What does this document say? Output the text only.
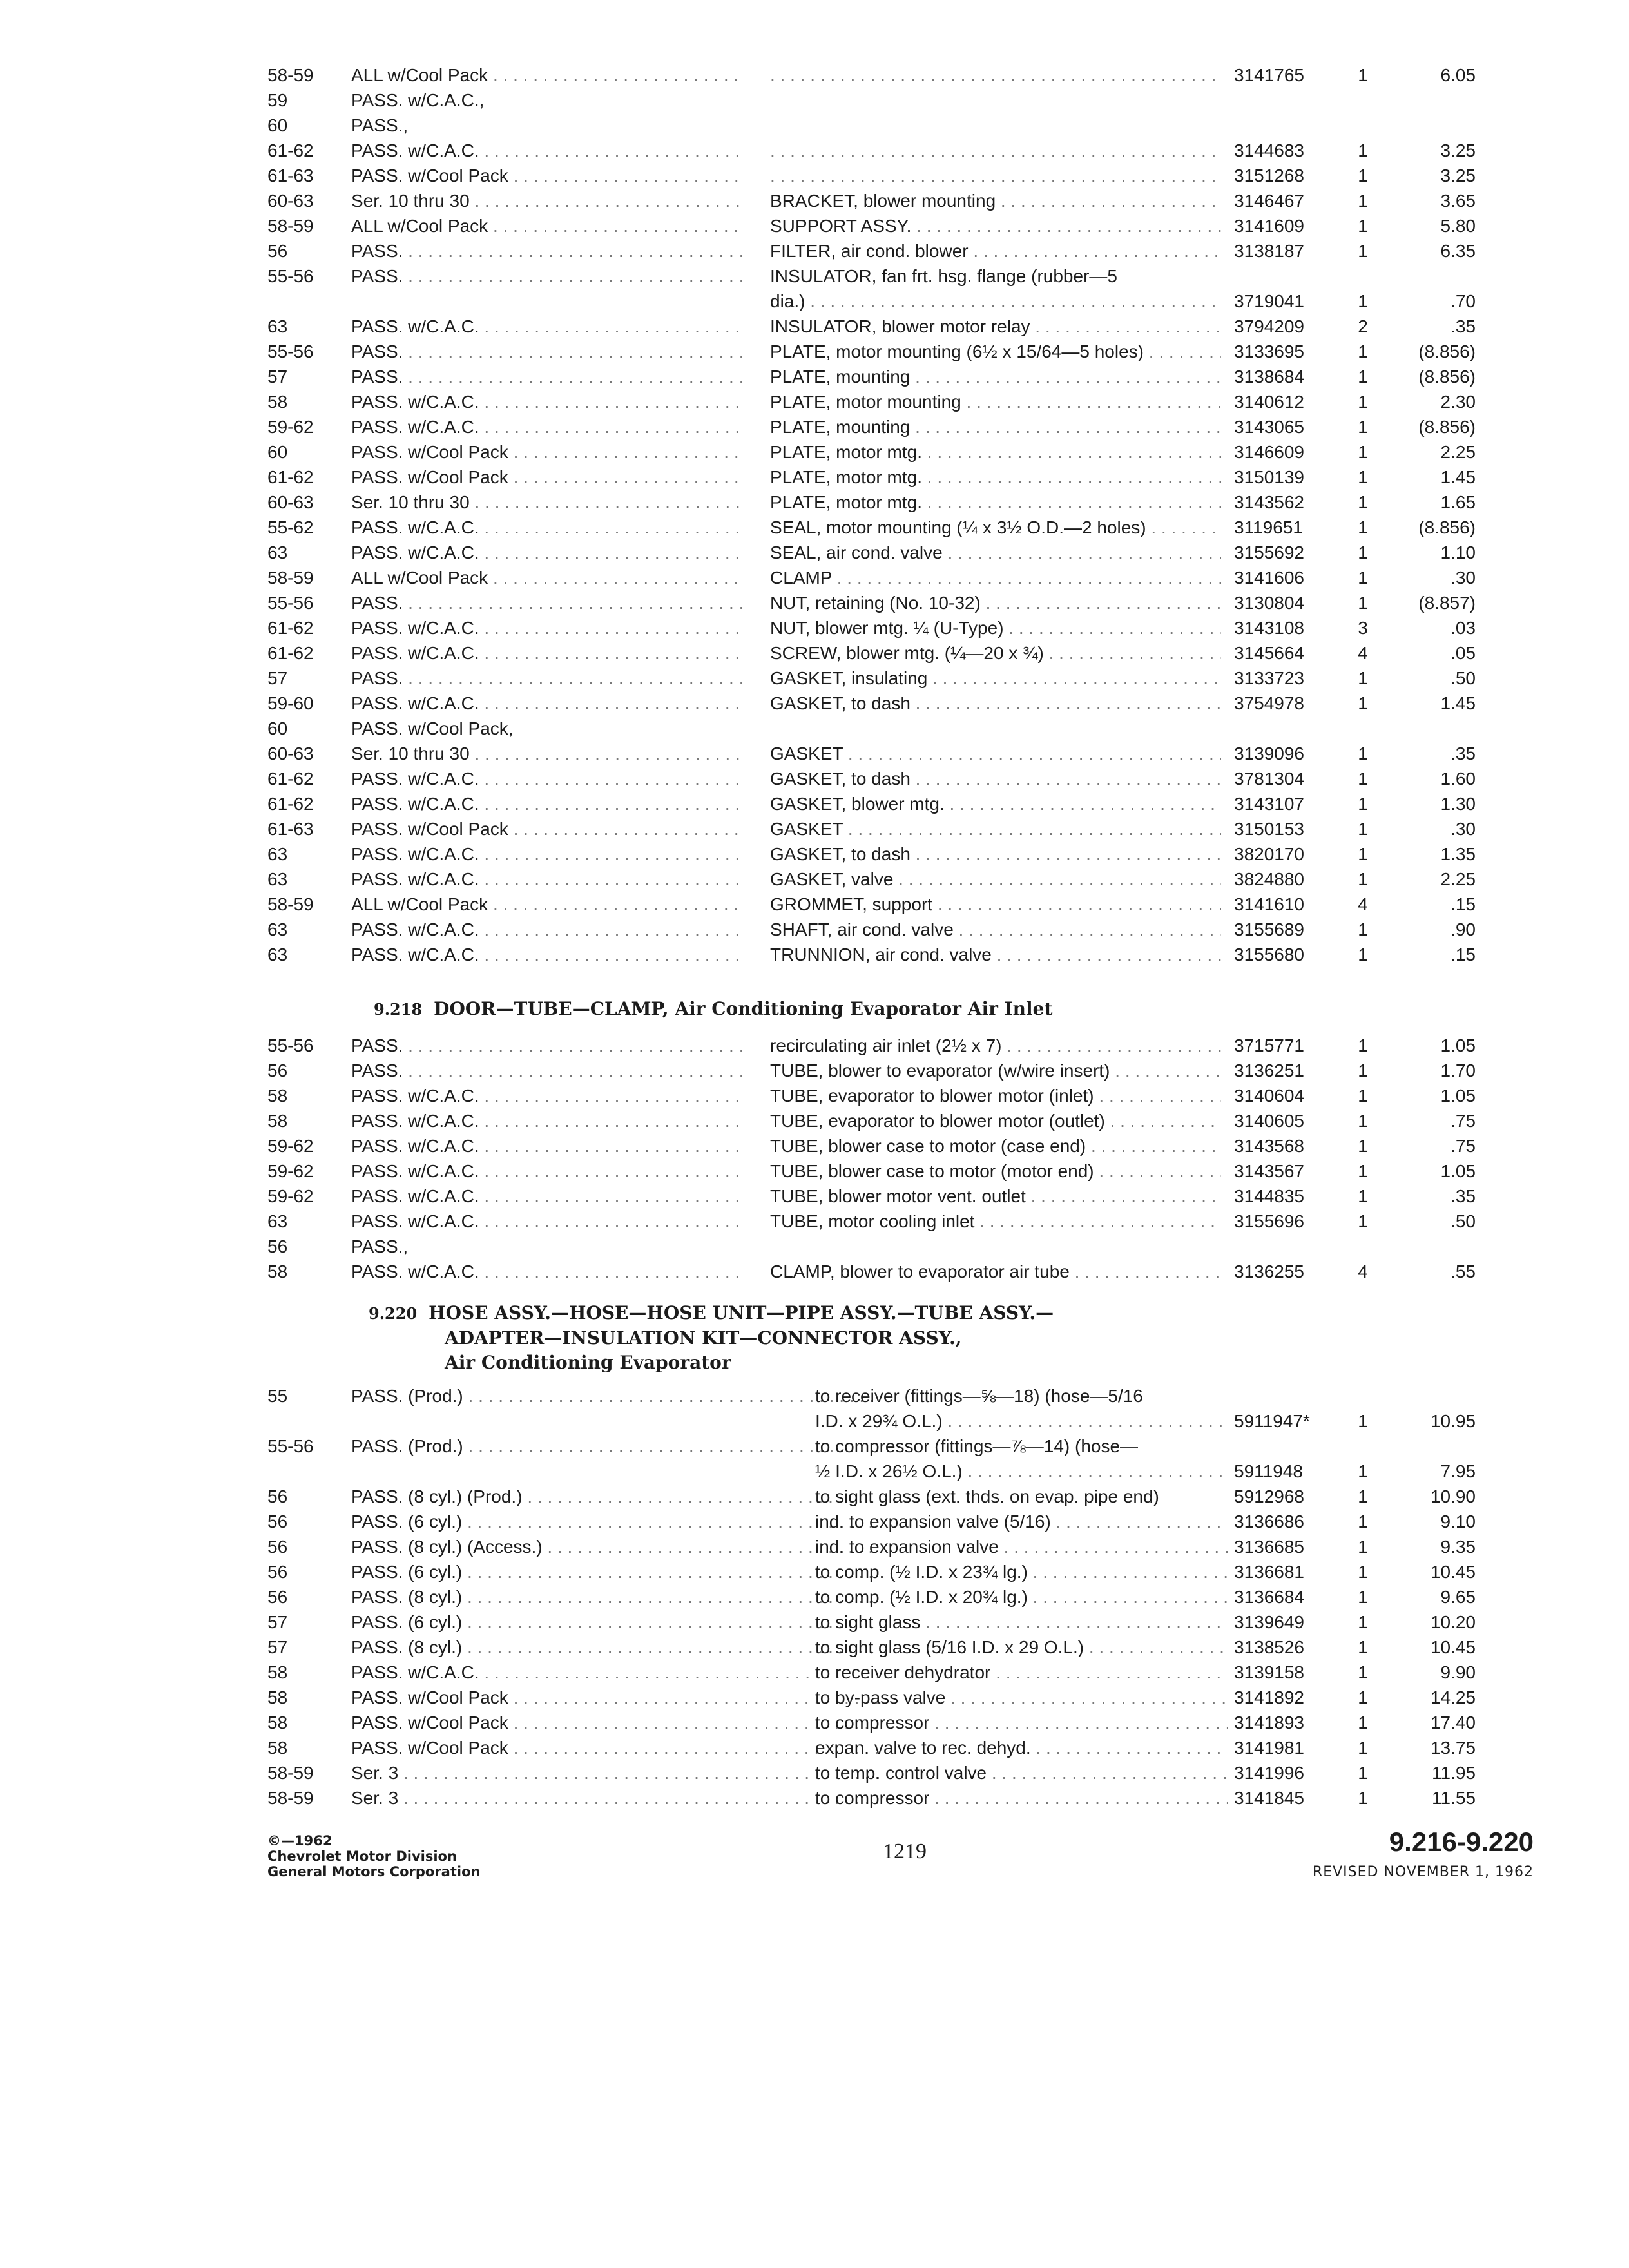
58-59 ALL w/Cool Pack . . . . . .	3141765	1	6.05
59	PASS. w/C.A.C.,
60	PASS.,
61-62 PASS. w/C.A.C. . . . . . .	3144683	1	3.25
61-63 PASS. w/Cool Pack . . . . . .	3151268	1	3.25
60-63 Ser. 10 thru 30 . . .	BRACKET, blower mounting . . .	3146467	1	3.65
58-59 ALL w/Cool Pack . . .	SUPPORT ASSY. . . .	3141609	1	5.80
56	PASS. . . .	FILTER, air cond. blower . . .	3138187	1	6.35
55-56 PASS. . . .	INSULATOR, fan frt. hsg. flange (rubber—5
dia.) . . .	3719041	1	.70
63	PASS. w/C.A.C. . . .	INSULATOR, blower motor relay . . .	3794209	2	.35
55-56 PASS. . . .	PLATE, motor mounting (6½ x 15/64—5 holes) . . .	3133695	1	(8.856)
57	PASS. . . .	PLATE, mounting . . .	3138684	1	(8.856)
58	PASS. w/C.A.C. . . .	PLATE, motor mounting . . .	3140612	1	2.30
59-62 PASS. w/C.A.C. . . .	PLATE, mounting . . .	3143065	1	(8.856)
60	PASS. w/Cool Pack . . .	PLATE, motor mtg. . . .	3146609	1	2.25
61-62 PASS. w/Cool Pack . . .	PLATE, motor mtg. . . .	3150139	1	1.45
60-63 Ser. 10 thru 30 . . .	PLATE, motor mtg. . . .	3143562	1	1.65
55-62 PASS. w/C.A.C. . . .	SEAL, motor mounting (¼ x 3½ O.D.—2 holes) . . .	3119651	1	(8.856)
63	PASS. w/C.A.C. . . .	SEAL, air cond. valve . . .	3155692	1	1.10
58-59 ALL w/Cool Pack . . .	CLAMP . . .	3141606	1	.30
55-56 PASS. . . .	NUT, retaining (No. 10-32) . . .	3130804	1	(8.857)
61-62 PASS. w/C.A.C. . . .	NUT, blower mtg. ¼ (U-Type) . . .	3143108	3	.03
61-62 PASS. w/C.A.C. . . .	SCREW, blower mtg. (¼—20 x ¾) . . .	3145664	4	.05
57	PASS. . . .	GASKET, insulating . . .	3133723	1	.50
59-60 PASS. w/C.A.C. . . .	GASKET, to dash . . .	3754978	1	1.45
60	PASS. w/Cool Pack,
60-63 Ser. 10 thru 30 . . .	GASKET . . .	3139096	1	.35
61-62 PASS. w/C.A.C. . . .	GASKET, to dash . . .	3781304	1	1.60
61-62 PASS. w/C.A.C. . . .	GASKET, blower mtg. . . .	3143107	1	1.30
61-63 PASS. w/Cool Pack . . .	GASKET . . .	3150153	1	.30
63	PASS. w/C.A.C. . . .	GASKET, to dash . . .	3820170	1	1.35
63	PASS. w/C.A.C. . . .	GASKET, valve . . .	3824880	1	2.25
58-59 ALL w/Cool Pack . . .	GROMMET, support . . .	3141610	4	.15
63	PASS. w/C.A.C. . . .	SHAFT, air cond. valve . . .	3155689	1	.90
63	PASS. w/C.A.C. . . .	TRUNNION, air cond. valve . . .	3155680	1	.15
9.218 DOOR—TUBE—CLAMP, Air Conditioning Evaporator Air Inlet
55-56 PASS. . . .	recirculating air inlet (2½ x 7) . . .	3715771	1	1.05
56	PASS. . . .	TUBE, blower to evaporator (w/wire insert) . . .	3136251	1	1.70
58	PASS. w/C.A.C. . . .	TUBE, evaporator to blower motor (inlet) . . .	3140604	1	1.05
58	PASS. w/C.A.C. . . .	TUBE, evaporator to blower motor (outlet) . . .	3140605	1	.75
59-62 PASS. w/C.A.C. . . .	TUBE, blower case to motor (case end) . . .	3143568	1	.75
59-62 PASS. w/C.A.C. . . .	TUBE, blower case to motor (motor end) . . .	3143567	1	1.05
59-62 PASS. w/C.A.C. . . .	TUBE, blower motor vent. outlet . . .	3144835	1	.35
63	PASS. w/C.A.C. . . .	TUBE, motor cooling inlet . . .	3155696	1	.50
56	PASS.,
58	PASS. w/C.A.C. . . .	CLAMP, blower to evaporator air tube . . .	3136255	4	.55
9.220 HOSE ASSY.—HOSE—HOSE UNIT—PIPE ASSY.—TUBE ASSY.—
ADAPTER—INSULATION KIT—CONNECTOR ASSY.,
Air Conditioning Evaporator
55	PASS. (Prod.) . . .	to receiver (fittings—⅝—18) (hose—5/16
I.D. x 29¾ O.L.) . . .	5911947*	1	10.95
55-56 PASS. (Prod.) . . .	to compressor (fittings—⅞—14) (hose—
½ I.D. x 26½ O.L.) . . .	5911948	1	7.95
56	PASS. (8 cyl.) (Prod.) . . .	to sight glass (ext. thds. on evap. pipe end)	5912968	1	10.90
56	PASS. (6 cyl.) . . .	ind. to expansion valve (5/16) . . .	3136686	1	9.10
56	PASS. (8 cyl.) (Access.) . . .	ind. to expansion valve . . .	3136685	1	9.35
56	PASS. (6 cyl.) . . .	to comp. (½ I.D. x 23¾ lg.) . . .	3136681	1	10.45
56	PASS. (8 cyl.) . . .	to comp. (½ I.D. x 20¾ lg.) . . .	3136684	1	9.65
57	PASS. (6 cyl.) . . .	to sight glass . . .	3139649	1	10.20
57	PASS. (8 cyl.) . . .	to sight glass (5/16 I.D. x 29 O.L.) . . .	3138526	1	10.45
58	PASS. w/C.A.C. . . .	to receiver dehydrator . . .	3139158	1	9.90
58	PASS. w/Cool Pack . . .	to by-pass valve . . .	3141892	1	14.25
58	PASS. w/Cool Pack . . .	to compressor . . .	3141893	1	17.40
58	PASS. w/Cool Pack . . .	expan. valve to rec. dehyd. . . .	3141981	1	13.75
58-59 Ser. 3 . . .	to temp. control valve . . .	3141996	1	11.95
58-59 Ser. 3 . . .	to compressor . . .	3141845	1	11.55
©—1962
Chevrolet Motor Division
General Motors Corporation
1219	9.216-9.220
REVISED NOVEMBER 1, 1962
